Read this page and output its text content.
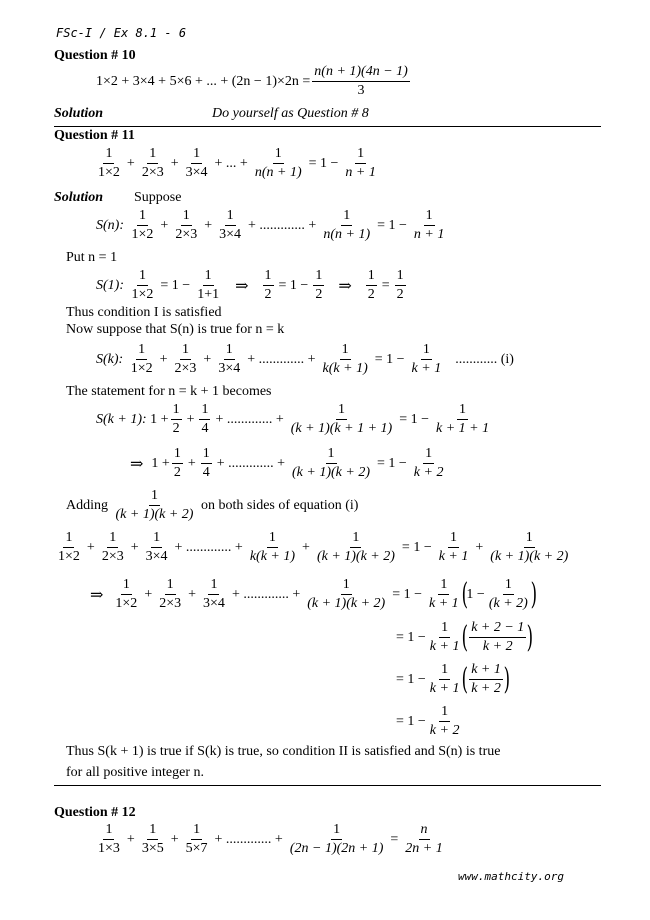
FSc-I / Ex 8.1 - 6
Question # 10
1×2 + 3×4 + 5×6 + ... + $(2n - 1)\times 2n = \frac{n(n + 1)(4n - 1)}{3}$
Solution	Do yourself as Question # 8
Question # 11
1
1×2
+ $\frac{1}{2\times 3} + \frac{1}{3\times 4}$ + ... + $\frac{1}{n(n + 1)} = 1 - \frac{1}{n + 1}$
Solution Suppose
S(n):

1
1×2
+ $\frac{1}{2\times 3} + \frac{1}{3\times 4}$ + ............. + $\frac{1}{n(n + 1)} = 1 - \frac{1}{n + 1}$
Put n = 1
S(1):
$\frac{1}{1\times 2} = 1 - \frac{1}{1+1}$ ⇒ $\frac{1}{2} = 1 - \frac{1}{2}$ ⇒ $\frac{1}{2} = \frac{1}{2}$
Thus condition I is satisfied
Now suppose that S(n) is true for n = k
S(k):

1
1×2
+ $\frac{1}{2\times 3} + \frac{1}{3\times 4}$ + ............. + $\frac{1}{k(k + 1)} = 1 - \frac{1}{k + 1}$ ............ (i)
The statement for n = k + 1 becomes
S(k + 1):
$1 + \frac{1}{2} + \frac{1}{4}$ + ............. + $\frac{1}{(k + 1)(k + 1 + 1)} = 1 - \frac{1}{k + 1 + 1}$
⇒ $1 + \frac{1}{2} + \frac{1}{4}$ + ............. + $\frac{1}{(k + 1)(k + 2)} = 1 - \frac{1}{k + 2}$
Adding

1
(k + 1)(k + 2)

on both sides of equation (i)
1
1×2
+ $\frac{1}{2\times 3} + \frac{1}{3\times 4}$ + ............. + $\frac{1}{k(k + 1)} + \frac{1}{(k + 1)(k + 2)} = 1 - \frac{1}{k + 1} + \frac{1}{(k + 1)(k + 2)}$
⇒
1
1×2
+ $\frac{1}{2\times 3} + \frac{1}{3\times 4}$ + ............. + $\frac{1}{(k + 1)(k + 2)} = 1 - \frac{1}{k + 1}$ (
$1 - \frac{1}{(k + 2)}$ )
= $1 - \frac{1}{k + 1}$ ( k + 2 − 1
k + 2 )
= $1 - \frac{1}{k + 1}$ ( k + 1
k + 2 )
= $1 - \frac{1}{k + 2}$
Thus S(k + 1) is true if S(k) is true, so condition II is satisfied and S(n) is true
for all positive integer n.
Question # 12
1
1×3
+ $\frac{1}{3\times 5} + \frac{1}{5\times 7}$ + ............. + $\frac{1}{(2n - 1)(2n + 1)} = \frac{n}{2n + 1}$
www.mathcity.org
